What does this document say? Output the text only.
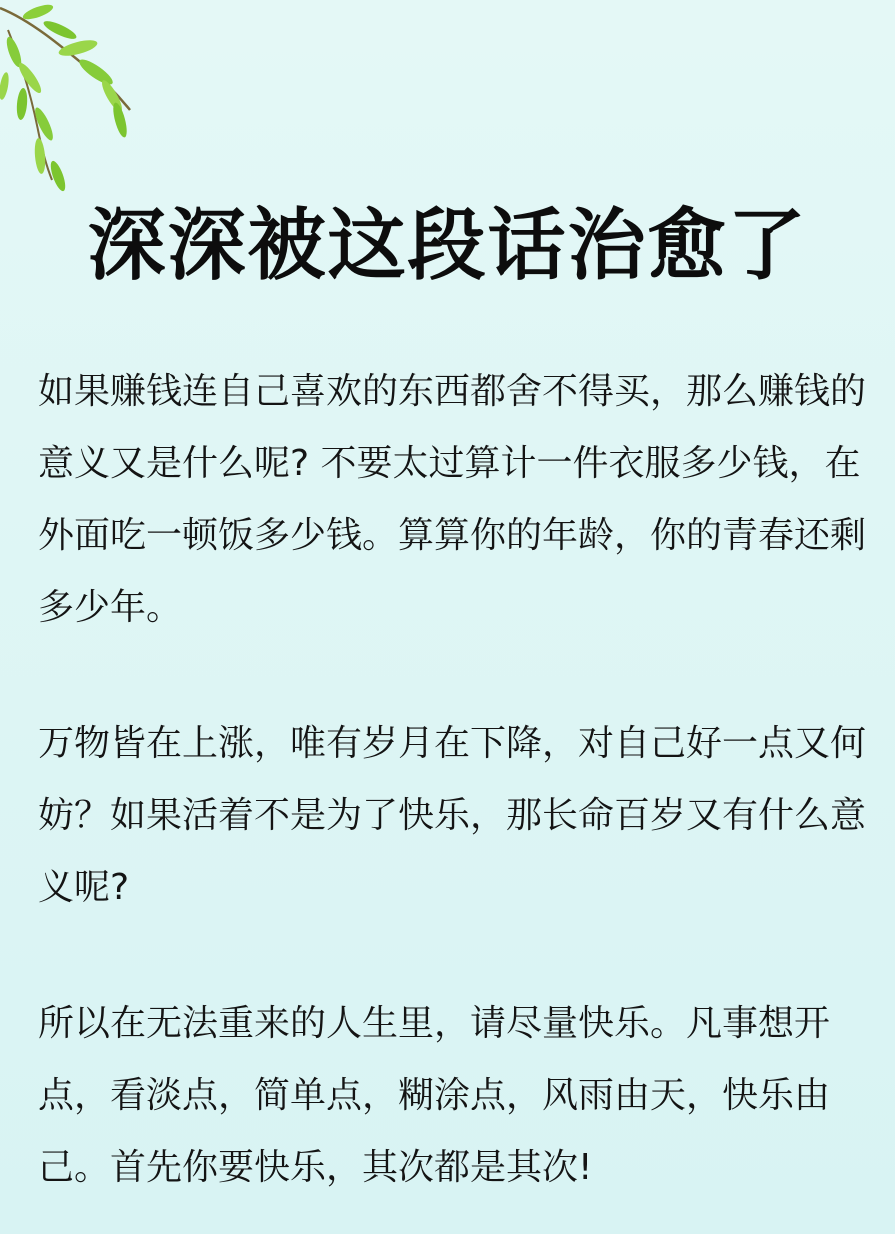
深深被这段话治愈了

如果赚钱连自己喜欢的东西都舍不得买，那么赚钱的意义又是什么呢? 不要太过算计一件衣服多少钱，在外面吃一顿饭多少钱。算算你的年龄，你的青春还剩多少年。

万物皆在上涨，唯有岁月在下降，对自己好一点又何妨？如果活着不是为了快乐，那长命百岁又有什么意义呢?

所以在无法重来的人生里，请尽量快乐。凡事想开点，看淡点，简单点，糊涂点，风雨由天，快乐由己。首先你要快乐，其次都是其次!
